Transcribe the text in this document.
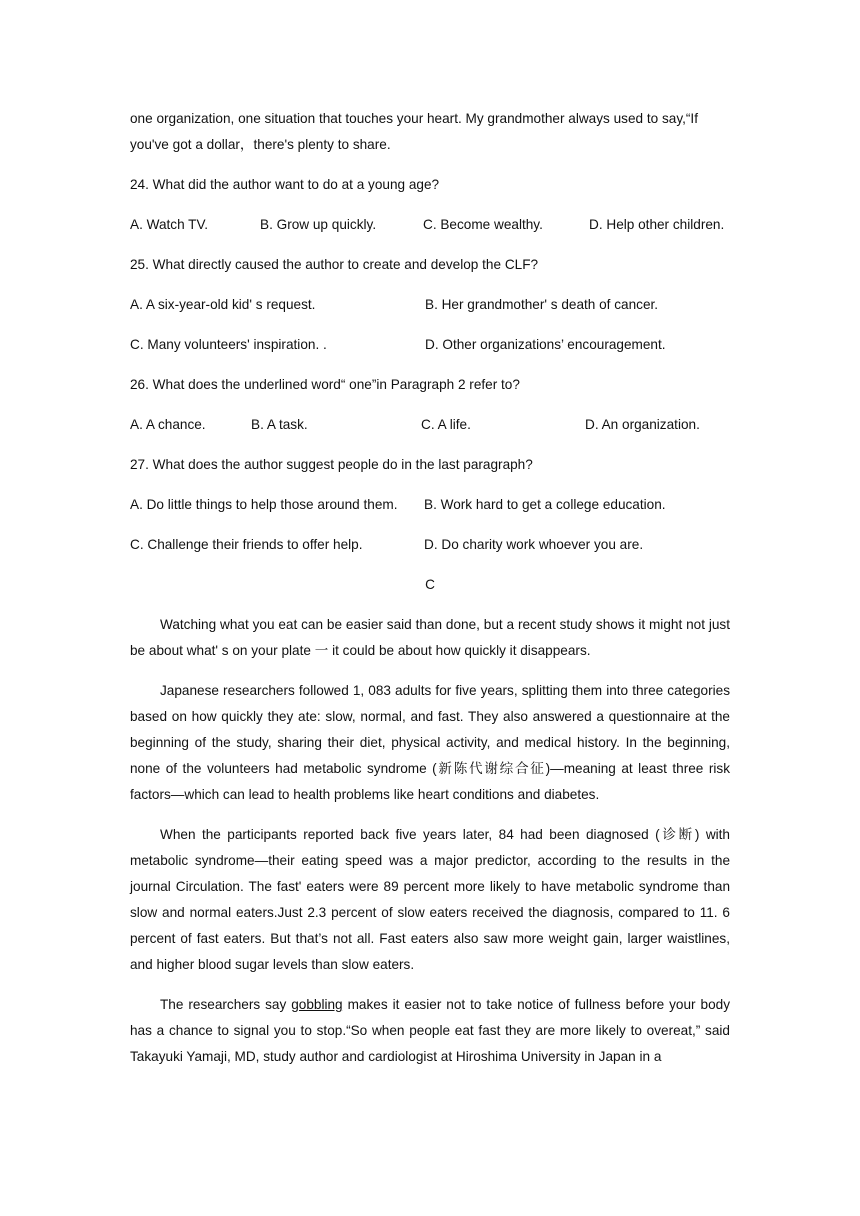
one organization, one situation that touches your heart. My grandmother always used to say,“If

you've got a dollar，there's plenty to share.

24. What did the author want to do at a young age?

A. Watch TV.	B. Grow up quickly.	C. Become wealthy.	D. Help other children.

25. What directly caused the author to create and develop the CLF?

A. A six-year-old kid' s request.	B. Her grandmother' s death of cancer.
C. Many volunteers' inspiration. .	D. Other organizations’ encouragement.

26. What does the underlined word“ one”in Paragraph 2 refer to?

A. A chance.	B. A task.	C. A life.	D. An organization.

27. What does the author suggest people do in the last paragraph?

A. Do little things to help those around them.	B. Work hard to get a college education.
C. Challenge their friends to offer help.	D. Do charity work whoever you are.

C

Watching what you eat can be easier said than done, but a recent study shows it might not just be about what' s on your plate 一 it could be about how quickly it disappears.

Japanese researchers followed 1, 083 adults for five years, splitting them into three categories based on how quickly they ate: slow, normal, and fast. They also answered a questionnaire at the beginning of the study, sharing their diet, physical activity, and medical history. In the beginning, none of the volunteers had metabolic syndrome (新陈代谢综合征)—meaning at least three risk factors—which can lead to health problems like heart conditions and diabetes.

When the participants reported back five years later, 84 had been diagnosed (诊断) with metabolic syndrome—their eating speed was a major predictor, according to the results in the journal Circulation. The fast' eaters were 89 percent more likely to have metabolic syndrome than slow and normal eaters.Just 2.3 percent of slow eaters received the diagnosis, compared to 11. 6 percent of fast eaters. But that’s not all. Fast eaters also saw more weight gain, larger waistlines, and higher blood sugar levels than slow eaters.

The researchers say gobbling makes it easier not to take notice of fullness before your body has a chance to signal you to stop.“So when people eat fast they are more likely to overeat,” said Takayuki Yamaji, MD, study author and cardiologist at Hiroshima University in Japan in a
